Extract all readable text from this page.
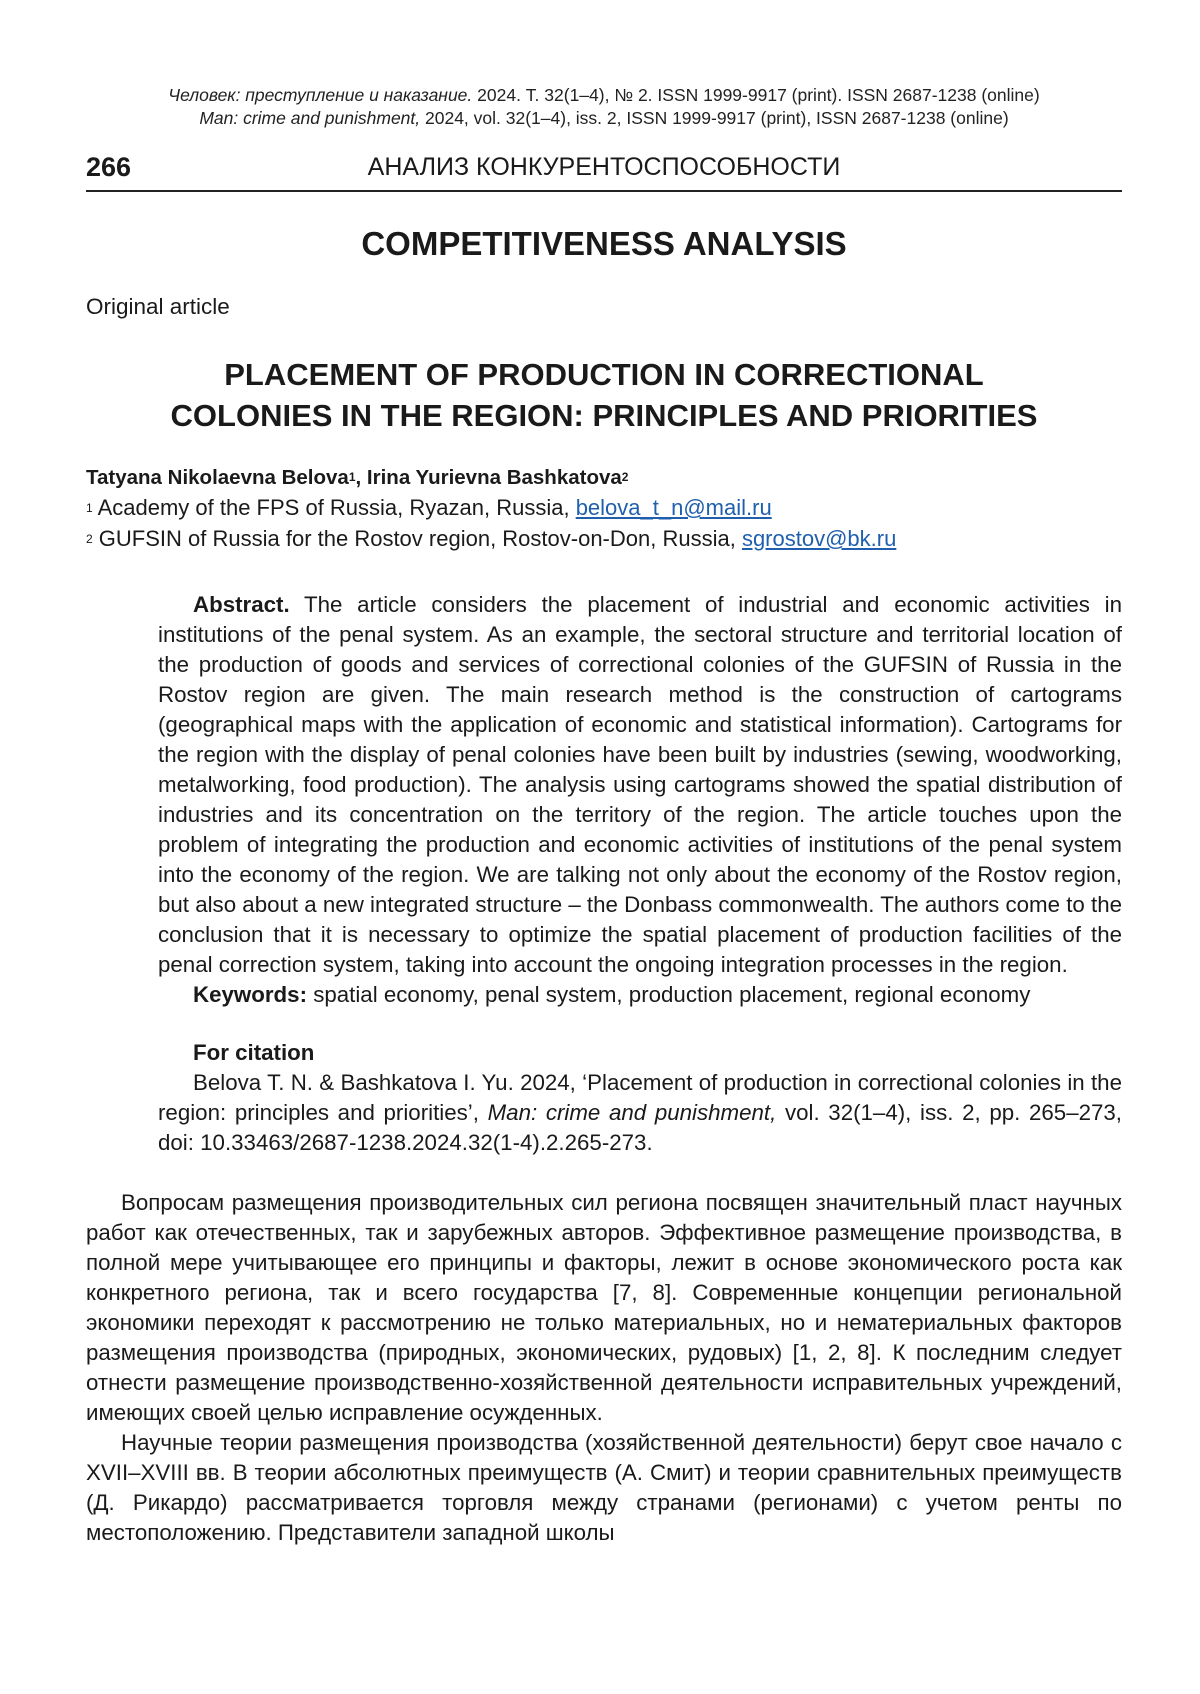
Человек: преступление и наказание. 2024. Т. 32(1–4), № 2. ISSN 1999-9917 (print). ISSN 2687-1238 (online)
Man: crime and punishment, 2024, vol. 32(1–4), iss. 2, ISSN 1999-9917 (print), ISSN 2687-1238 (online)
266	АНАЛИЗ КОНКУРЕНТОСПОСОБНОСТИ
COMPETITIVENESS ANALYSIS
Original article
PLACEMENT OF PRODUCTION IN CORRECTIONAL
COLONIES IN THE REGION: PRINCIPLES AND PRIORITIES
Tatyana Nikolaevna Belova$^1$, Irina Yurievna Bashkatova$^2$
$^1$ Academy of the FPS of Russia, Ryazan, Russia, belova_t_n@mail.ru
$^2$ GUFSIN of Russia for the Rostov region, Rostov-on-Don, Russia, sgrostov@bk.ru

Abstract. The article considers the placement of industrial and economic activities in institutions of the penal system. As an example, the sectoral structure and territorial location of the production of goods and services of correctional colonies of the GUFSIN of Russia in the Rostov region are given. The main research method is the construction of cartograms (geographical maps with the application of economic and statistical information). Cartograms for the region with the display of penal colonies have been built by industries (sewing, woodworking, metalworking, food production). The analysis using cartograms showed the spatial distribution of industries and its concentration on the territory of the region. The article touches upon the problem of integrating the production and economic activities of institutions of the penal system into the economy of the region. We are talking not only about the economy of the Rostov region, but also about a new integrated structure – the Donbass commonwealth. The authors come to the conclusion that it is necessary to optimize the spatial placement of production facilities of the penal correction system, taking into account the ongoing integration processes in the region.

Keywords: spatial economy, penal system, production placement, regional economy

For citation

Belova T. N. & Bashkatova I. Yu. 2024, ‘Placement of production in correctional colonies in the region: principles and priorities’, Man: crime and punishment, vol. 32(1–4), iss. 2, pp. 265–273, doi: 10.33463/2687-1238.2024.32(1-4).2.265-273.

Вопросам размещения производительных сил региона посвящен значительный пласт научных работ как отечественных, так и зарубежных авторов. Эффективное размещение производства, в полной мере учитывающее его принципы и факторы, лежит в основе экономического роста как конкретного региона, так и всего государства [7, 8]. Современные концепции региональной экономики переходят к рассмотрению не только материальных, но и нематериальных факторов размещения производства (природных, экономических, рудовых) [1, 2, 8]. К последним следует отнести размещение производственно-хозяйственной деятельности исправительных учреждений, имеющих своей целью исправление осужденных.

Научные теории размещения производства (хозяйственной деятельности) берут свое начало с XVII–XVIII вв. В теории абсолютных преимуществ (А. Смит) и теории сравнительных преимуществ (Д. Рикардо) рассматривается торговля между странами (регионами) с учетом ренты по местоположению. Представители западной школы
